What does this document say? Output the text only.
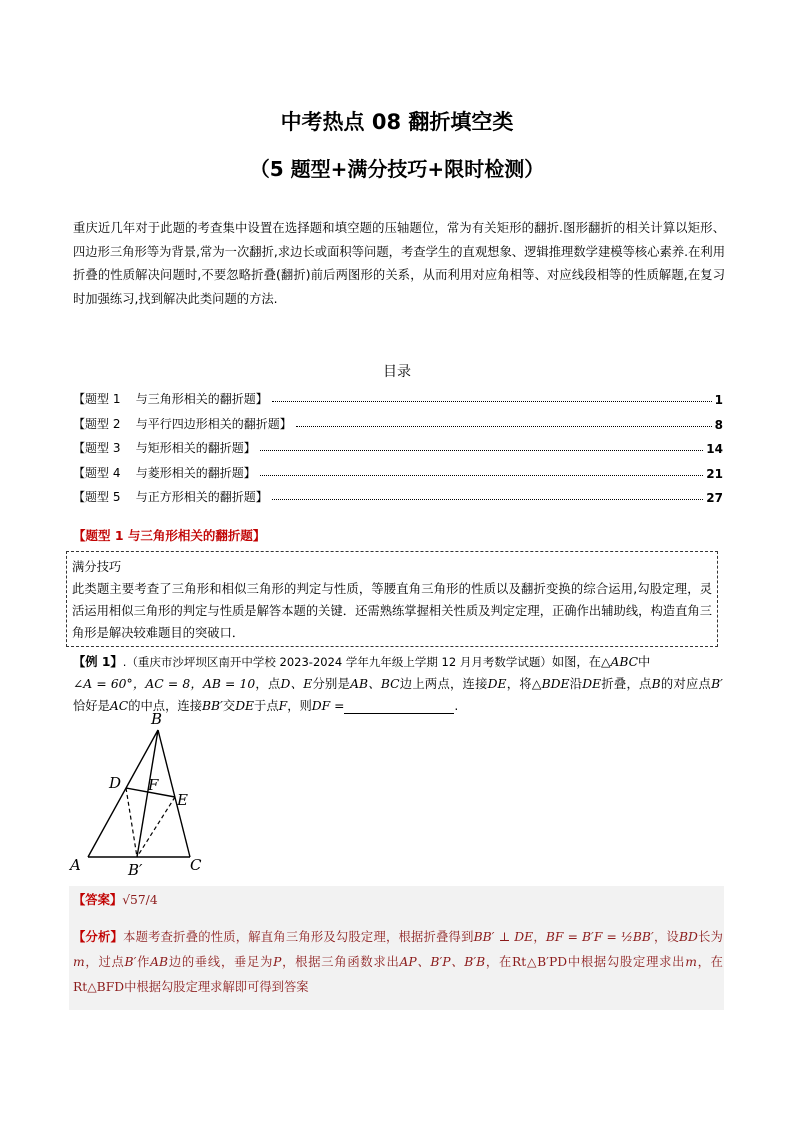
中考热点 08 翻折填空类
（5 题型+满分技巧+限时检测）
重庆近几年对于此题的考查集中设置在选择题和填空题的压轴题位，常为有关矩形的翻折.图形翻折的相关计算以矩形、四边形三角形等为背景,常为一次翻折,求边长或面积等问题，考查学生的直观想象、逻辑推理数学建模等核心素养.在利用折叠的性质解决问题时,不要忽略折叠(翻折)前后两图形的关系，从而利用对应角相等、对应线段相等的性质解题,在复习时加强练习,找到解决此类问题的方法.
目录
【题型 1    与三角形相关的翻折题】	1
【题型 2    与平行四边形相关的翻折题】	8
【题型 3    与矩形相关的翻折题】	14
【题型 4    与菱形相关的翻折题】	21
【题型 5    与正方形相关的翻折题】	27
【题型 1 与三角形相关的翻折题】
满分技巧
此类题主要考查了三角形和相似三角形的判定与性质，等腰直角三角形的性质以及翻折变换的综合运用,勾股定理，灵活运用相似三角形的判定与性质是解答本题的关键．还需熟练掌握相关性质及判定定理，正确作出辅助线，构造直角三角形是解决较难题目的突破口．
【例 1】.（重庆市沙坪坝区南开中学校 2023-2024 学年九年级上学期 12 月月考数学试题）如图，在△ABC中
∠A = 60°，AC = 8，AB = 10，点D、E分别是AB、BC边上两点，连接DE，将△BDE沿DE折叠，点B的对应点B′恰好是AC的中点，连接BB′交DE于点F，则DF =	.
B
D F
E
A	B′	C
【答案】√57/4
【分析】本题考查折叠的性质，解直角三角形及勾股定理，根据折叠得到BB′ ⊥ DE，BF = B′F = ½BB′，设BD长为m，过点B′作AB边的垂线，垂足为P，根据三角函数求出AP、B′P、B′B，在Rt△B′PD中根据勾股定理求出m，在Rt△BFD中根据勾股定理求解即可得到答案
